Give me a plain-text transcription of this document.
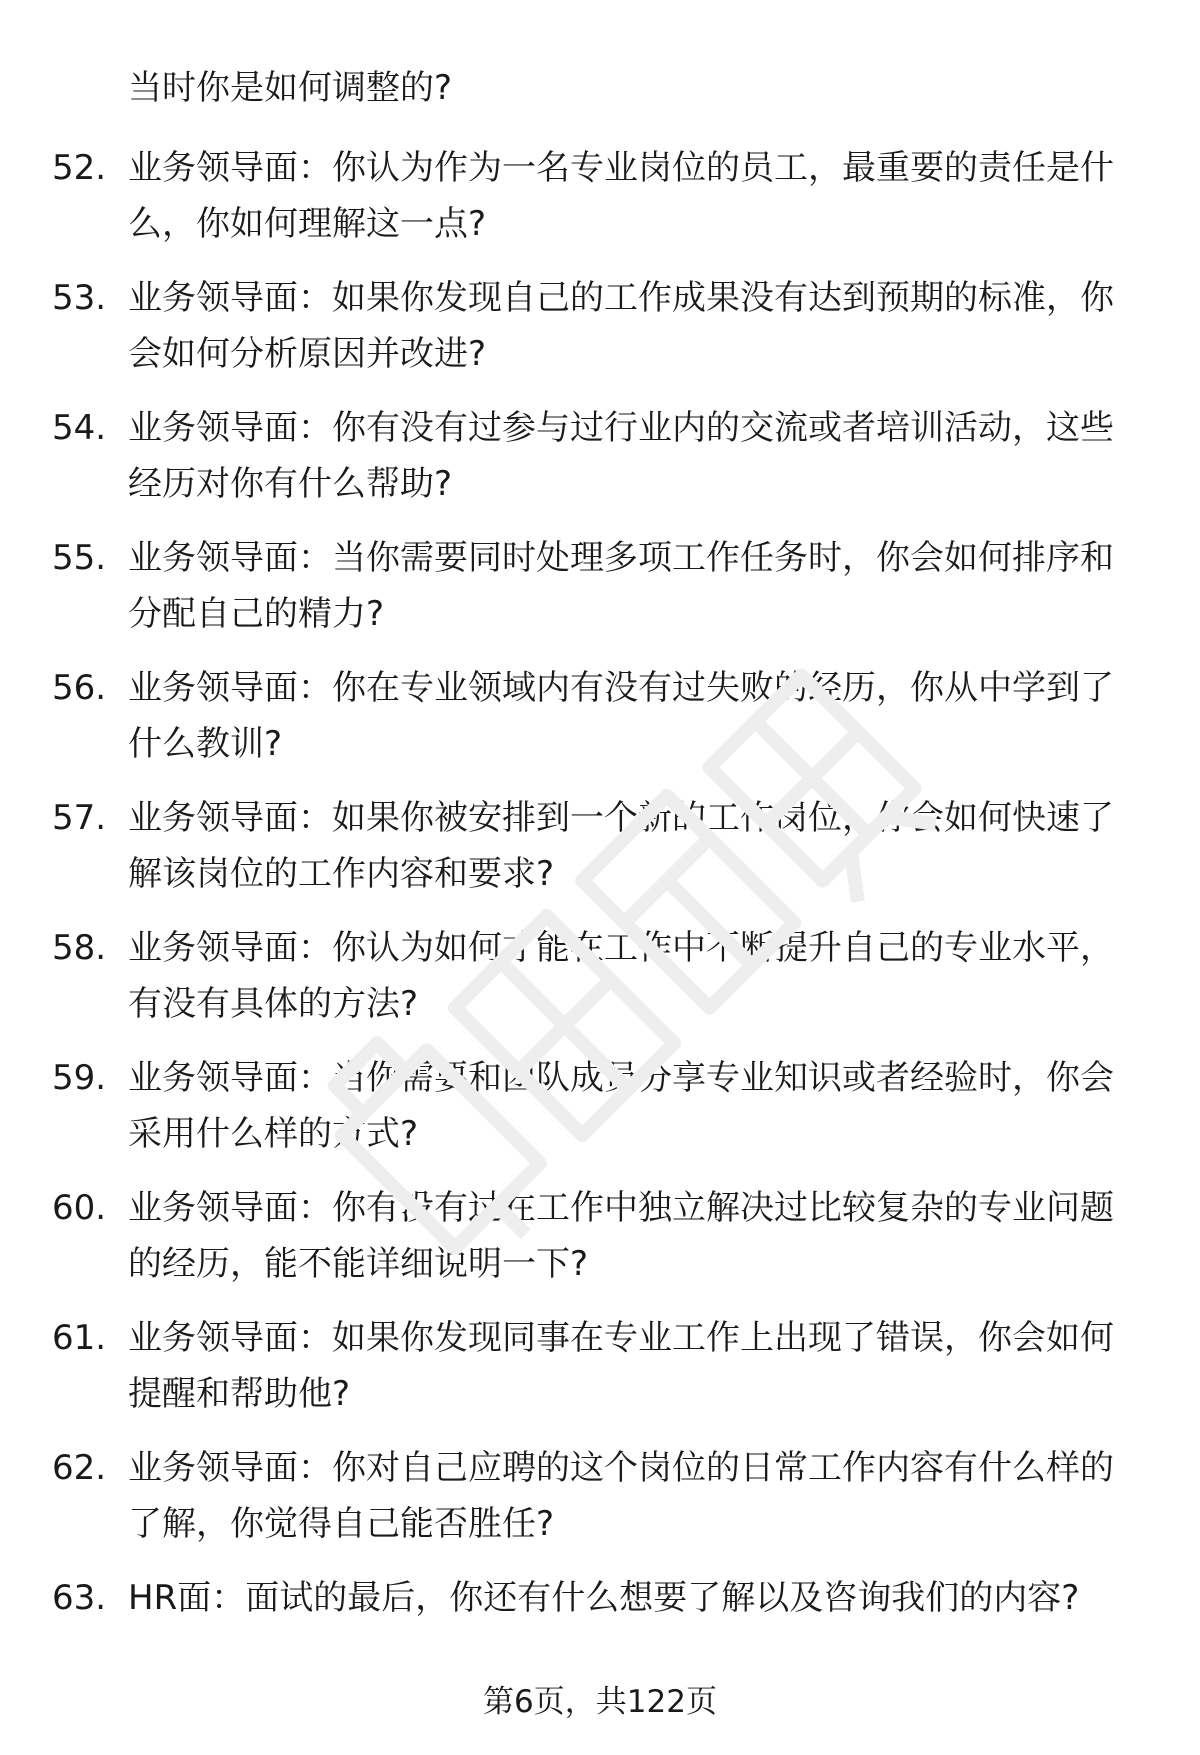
当时你是如何调整的?
52. 业务领导面：你认为作为一名专业岗位的员工，最重要的责任是什么，你如何理解这一点?
53. 业务领导面：如果你发现自己的工作成果没有达到预期的标准，你会如何分析原因并改进?
54. 业务领导面：你有没有过参与过行业内的交流或者培训活动，这些经历对你有什么帮助?
55. 业务领导面：当你需要同时处理多项工作任务时，你会如何排序和分配自己的精力?
56. 业务领导面：你在专业领域内有没有过失败的经历，你从中学到了什么教训?
57. 业务领导面：如果你被安排到一个新的工作岗位，你会如何快速了解该岗位的工作内容和要求?
58. 业务领导面：你认为如何才能在工作中不断提升自己的专业水平，有没有具体的方法?
59. 业务领导面：当你需要和团队成员分享专业知识或者经验时，你会采用什么样的方式?
60. 业务领导面：你有没有过在工作中独立解决过比较复杂的专业问题的经历，能不能详细说明一下?
61. 业务领导面：如果你发现同事在专业工作上出现了错误，你会如何提醒和帮助他?
62. 业务领导面：你对自己应聘的这个岗位的日常工作内容有什么样的了解，你觉得自己能否胜任?
63. HR面：面试的最后，你还有什么想要了解以及咨询我们的内容?
第6页，共122页
